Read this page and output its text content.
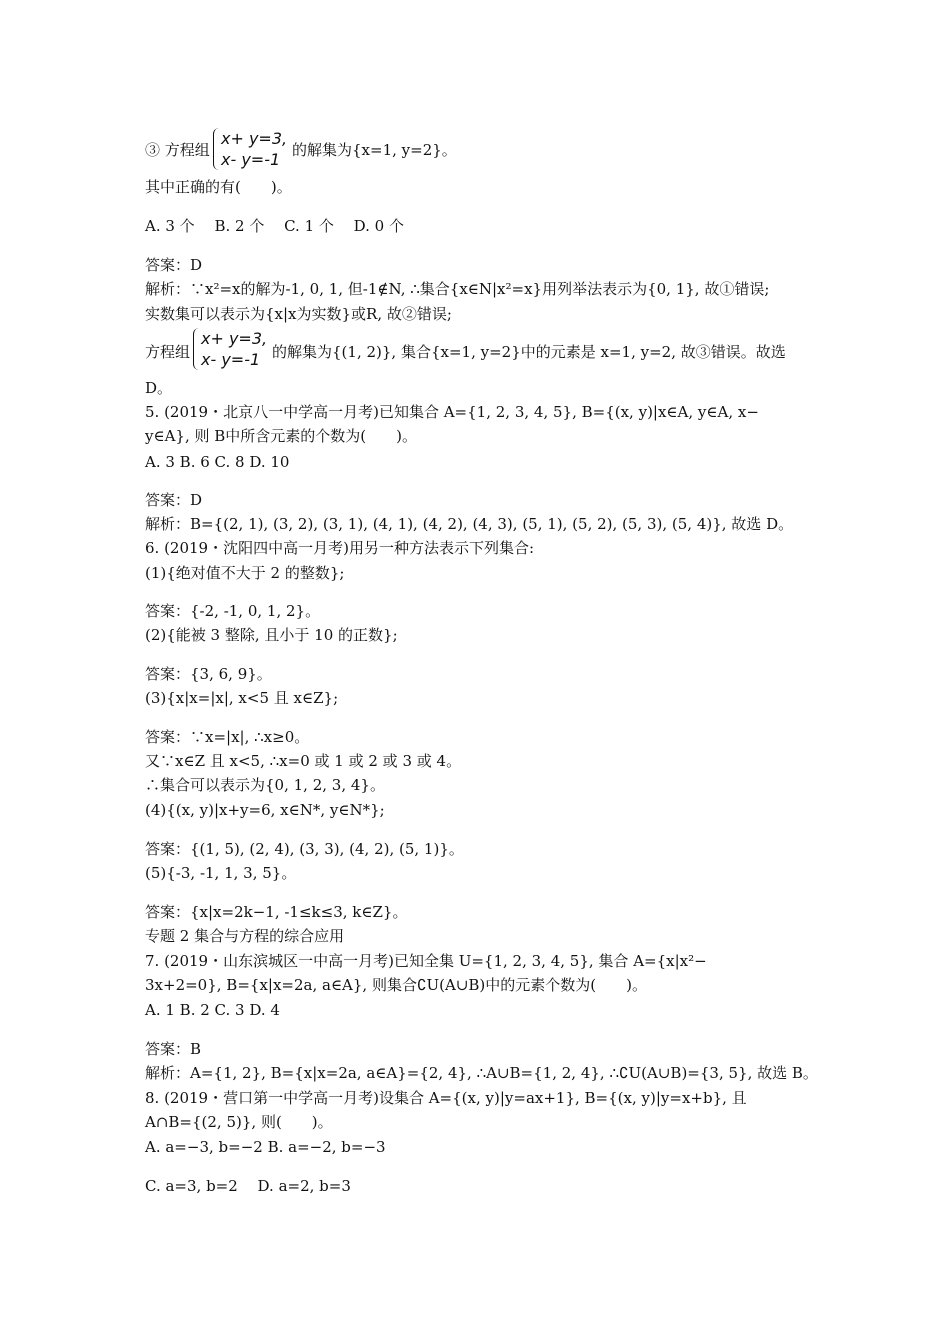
③ 方程组
x+ y=3,
x- y=-1 的解集为{x=1, y=2}。
其中正确的有(　　)。
A. 3 个　 B. 2 个　 C. 1 个　 D. 0 个
答案：D
解析：∵x²=x的解为-1, 0, 1, 但-1∉N, ∴集合{x∈N|x²=x}用列举法表示为{0, 1}, 故①错误;
实数集可以表示为{x|x为实数}或R, 故②错误;
方程组
x+ y=3,
x- y=-1 的解集为{(1, 2)}, 集合{x=1, y=2}中的元素是 x=1, y=2, 故③错误。故选
D。
5. (2019・北京八一中学高一月考)已知集合 A={1, 2, 3, 4, 5}, B={(x, y)|x∈A, y∈A, x−
y∈A}, 则 B中所含元素的个数为(　　)。
A. 3 B. 6 C. 8 D. 10
答案：D
解析：B={(2, 1), (3, 2), (3, 1), (4, 1), (4, 2), (4, 3), (5, 1), (5, 2), (5, 3), (5, 4)}, 故选 D。
6. (2019・沈阳四中高一月考)用另一种方法表示下列集合:
(1){绝对值不大于 2 的整数};
答案：{-2, -1, 0, 1, 2}。
(2){能被 3 整除, 且小于 10 的正数};
答案：{3, 6, 9}。
(3){x|x=|x|, x<5 且 x∈Z};
答案：∵x=|x|, ∴x≥0。
又∵x∈Z 且 x<5, ∴x=0 或 1 或 2 或 3 或 4。
∴集合可以表示为{0, 1, 2, 3, 4}。
(4){(x, y)|x+y=6, x∈N*, y∈N*};
答案：{(1, 5), (2, 4), (3, 3), (4, 2), (5, 1)}。
(5){-3, -1, 1, 3, 5}。
答案：{x|x=2k−1, -1≤k≤3, k∈Z}。
专题 2 集合与方程的综合应用
7. (2019・山东滨城区一中高一月考)已知全集 U={1, 2, 3, 4, 5}, 集合 A={x|x²−
3x+2=0}, B={x|x=2a, a∈A}, 则集合∁U(A∪B)中的元素个数为(　　)。
A. 1 B. 2 C. 3 D. 4
答案：B
解析：A={1, 2}, B={x|x=2a, a∈A}={2, 4}, ∴A∪B={1, 2, 4}, ∴∁U(A∪B)={3, 5}, 故选 B。
8. (2019・营口第一中学高一月考)设集合 A={(x, y)|y=ax+1}, B={(x, y)|y=x+b}, 且
A∩B={(2, 5)}, 则(　　)。
A. a=−3, b=−2 B. a=−2, b=−3
C. a=3, b=2　 D. a=2, b=3
